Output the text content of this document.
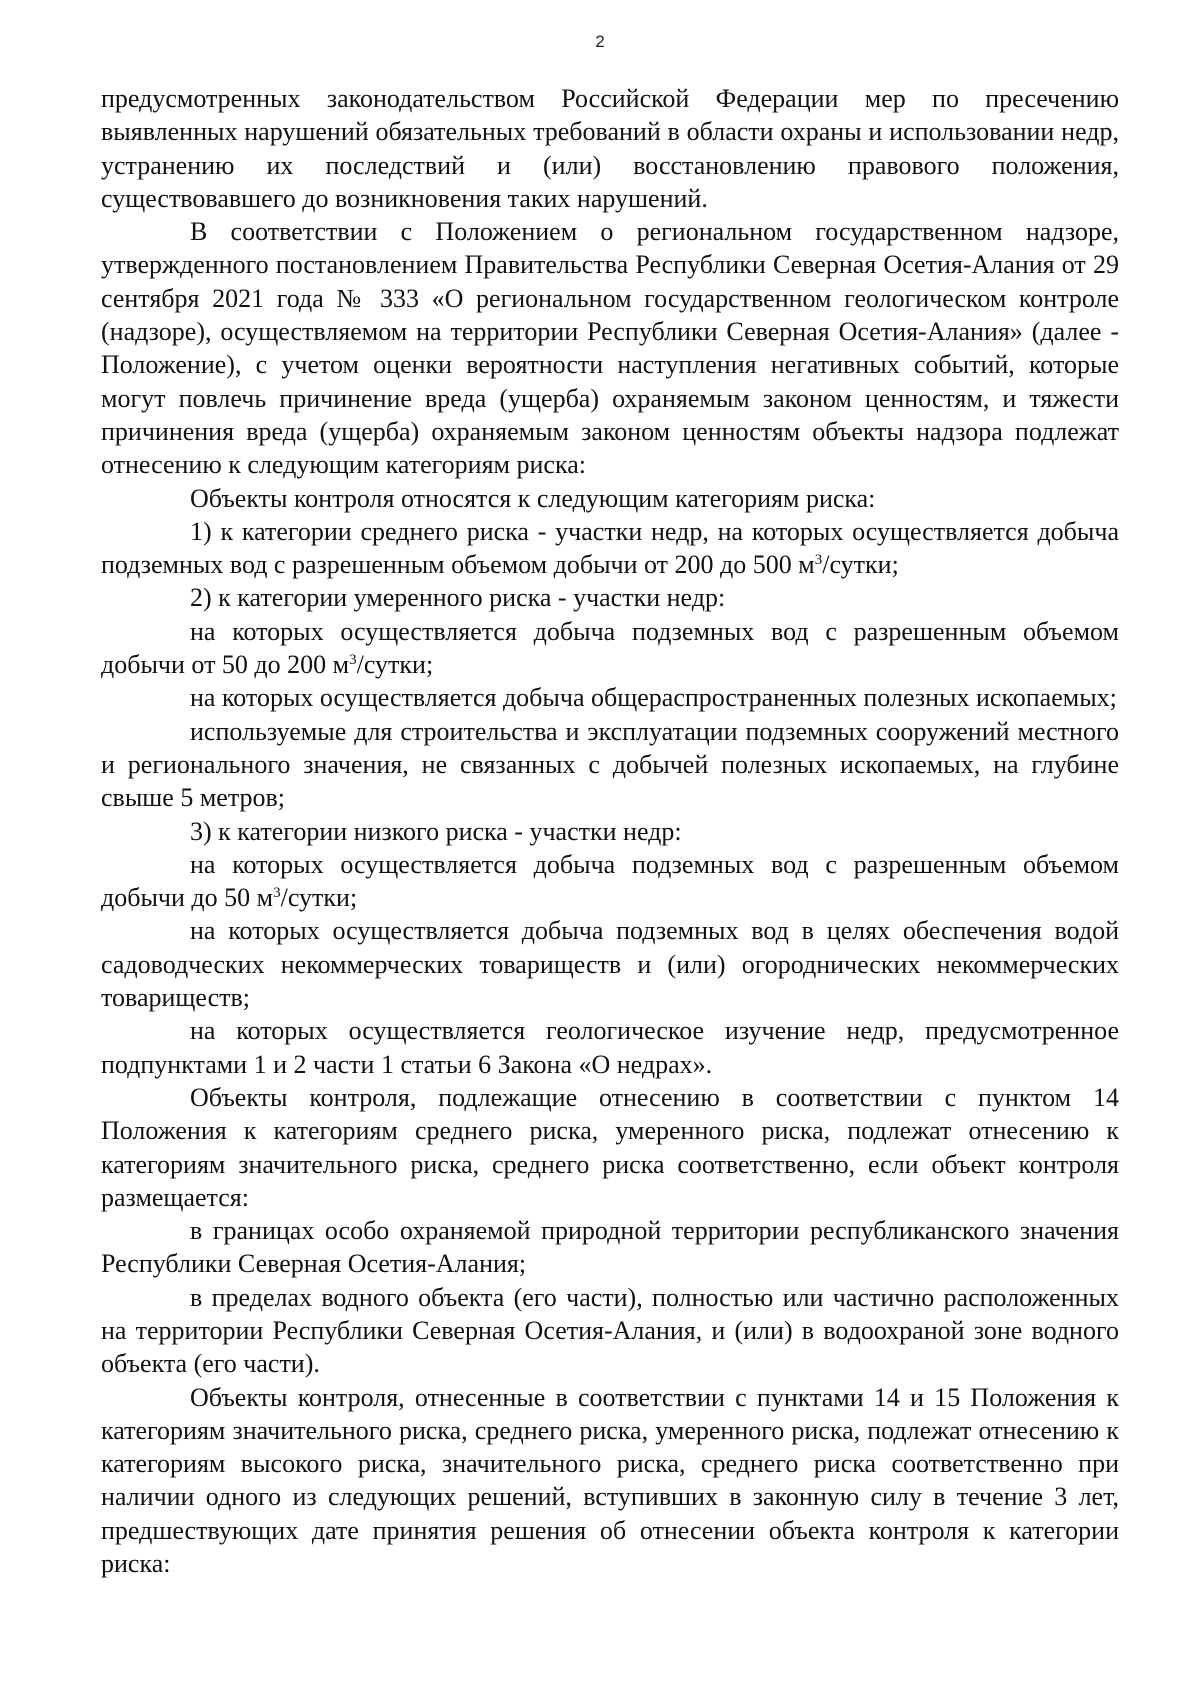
2

предусмотренных законодательством Российской Федерации мер по пресечению выявленных нарушений обязательных требований в области охраны и использовании недр, устранению их последствий и (или) восстановлению правового положения, существовавшего до возникновения таких нарушений.

В соответствии с Положением о региональном государственном надзоре, утвержденного постановлением Правительства Республики Северная Осетия-Алания от 29 сентября 2021 года № 333 «О региональном государственном геологическом контроле (надзоре), осуществляемом на территории Республики Северная Осетия-Алания» (далее - Положение), с учетом оценки вероятности наступления негативных событий, которые могут повлечь причинение вреда (ущерба) охраняемым законом ценностям, и тяжести причинения вреда (ущерба) охраняемым законом ценностям объекты надзора подлежат отнесению к следующим категориям риска:

Объекты контроля относятся к следующим категориям риска:

1) к категории среднего риска - участки недр, на которых осуществляется добыча подземных вод с разрешенным объемом добычи от 200 до 500 $м^3$/сутки;

2) к категории умеренного риска - участки недр:

на которых осуществляется добыча подземных вод с разрешенным объемом добычи от 50 до 200 $м^3$/сутки;

на которых осуществляется добыча общераспространенных полезных ископаемых;

используемые для строительства и эксплуатации подземных сооружений местного и регионального значения, не связанных с добычей полезных ископаемых, на глубине свыше 5 метров;

3) к категории низкого риска - участки недр:

на которых осуществляется добыча подземных вод с разрешенным объемом добычи до 50 $м^3$/сутки;

на которых осуществляется добыча подземных вод в целях обеспечения водой садоводческих некоммерческих товариществ и (или) огороднических некоммерческих товариществ;

на которых осуществляется геологическое изучение недр, предусмотренное подпунктами 1 и 2 части 1 статьи 6 Закона «О недрах».

Объекты контроля, подлежащие отнесению в соответствии с пунктом 14 Положения к категориям среднего риска, умеренного риска, подлежат отнесению к категориям значительного риска, среднего риска соответственно, если объект контроля размещается:

в границах особо охраняемой природной территории республиканского значения Республики Северная Осетия-Алания;

в пределах водного объекта (его части), полностью или частично расположенных на территории Республики Северная Осетия-Алания, и (или) в водоохраной зоне водного объекта (его части).

Объекты контроля, отнесенные в соответствии с пунктами 14 и 15 Положения к категориям значительного риска, среднего риска, умеренного риска, подлежат отнесению к категориям высокого риска, значительного риска, среднего риска соответственно при наличии одного из следующих решений, вступивших в законную силу в течение 3 лет, предшествующих дате принятия решения об отнесении объекта контроля к категории риска:
